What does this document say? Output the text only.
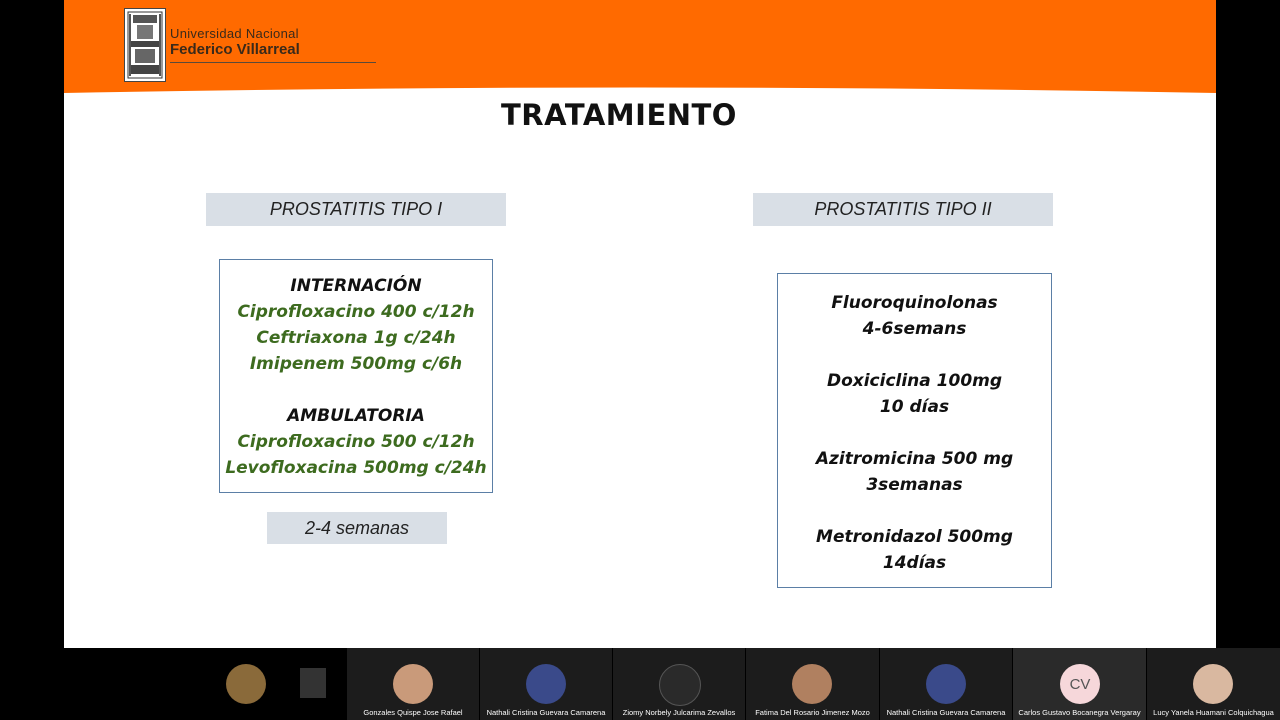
Universidad Nacional
Federico Villarreal
TRATAMIENTO
PROSTATITIS TIPO I	PROSTATITIS TIPO II
INTERNACIÓN
Ciprofloxacino 400 c/12h
Ceftriaxona 1g c/24h
Imipenem 500mg c/6h
AMBULATORIA
Ciprofloxacino 500 c/12h
Levofloxacina 500mg c/24h
2-4 semanas
Fluoroquinolonas
4-6semans
Doxiciclina 100mg
10 días
Azitromicina 500 mg
3semanas
Metronidazol 500mg
14días
Gonzales Quispe Jose Rafael	Nathali Cristina Guevara Camarena	Ziomy Norbely Julcarima Zevallos	Fatima Del Rosario Jimenez Mozo	Nathali Cristina Guevara Camarena
CV
Carlos Gustavo Bocanegra Vergaray	Lucy Yanela Huamani Colquichagua
